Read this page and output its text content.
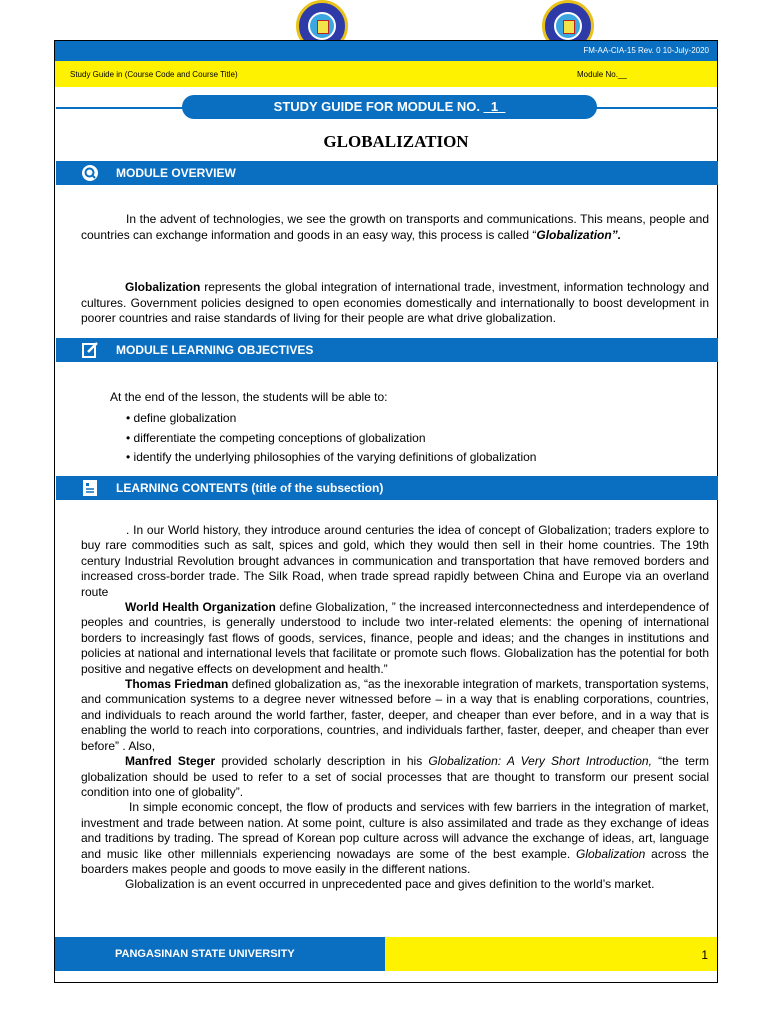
FM-AA-CIA-15 Rev. 0 10-July-2020
Study Guide in (Course Code and Course Title)	Module No.__
STUDY GUIDE FOR MODULE NO. _1_
GLOBALIZATION
MODULE OVERVIEW
In the advent of technologies, we see the growth on transports and communications. This means, people and countries can exchange information and goods in an easy way, this process is called “Globalization”.
Globalization represents the global integration of international trade, investment, information technology and cultures. Government policies designed to open economies domestically and internationally to boost development in poorer countries and raise standards of living for their people are what drive globalization.
MODULE LEARNING OBJECTIVES
At the end of the lesson, the students will be able to:
• define globalization
• differentiate the competing conceptions of globalization
• identify the underlying philosophies of the varying definitions of globalization
LEARNING CONTENTS (title of the subsection)
. In our World history, they introduce around centuries the idea of concept of Globalization; traders explore to buy rare commodities such as salt, spices and gold, which they would then sell in their home countries. The 19th century Industrial Revolution brought advances in communication and transportation that have removed borders and increased cross-border trade. The Silk Road, when trade spread rapidly between China and Europe via an overland route
World Health Organization define Globalization, ” the increased interconnectedness and interdependence of peoples and countries, is generally understood to include two inter-related elements: the opening of international borders to increasingly fast flows of goods, services, finance, people and ideas; and the changes in institutions and policies at national and international levels that facilitate or promote such flows. Globalization has the potential for both positive and negative effects on development and health.”
Thomas Friedman defined globalization as, “as the inexorable integration of markets, transportation systems, and communication systems to a degree never witnessed before – in a way that is enabling corporations, countries, and individuals to reach around the world farther, faster, deeper, and cheaper than ever before, and in a way that is enabling the world to reach into corporations, countries, and individuals farther, faster, deeper, and cheaper than ever before” . Also,
Manfred Steger provided scholarly description in his Globalization: A Very Short Introduction, “the term globalization should be used to refer to a set of social processes that are thought to transform our present social condition into one of globality”.
In simple economic concept, the flow of products and services with few barriers in the integration of market, investment and trade between nation. At some point, culture is also assimilated and trade as they exchange of ideas and traditions by trading. The spread of Korean pop culture across will advance the exchange of ideas, art, language and music like other millennials experiencing nowadays are some of the best example. Globalization across the boarders makes people and goods to move easily in the different nations.
Globalization is an event occurred in unprecedented pace and gives definition to the world’s market.
PANGASINAN STATE UNIVERSITY	1
